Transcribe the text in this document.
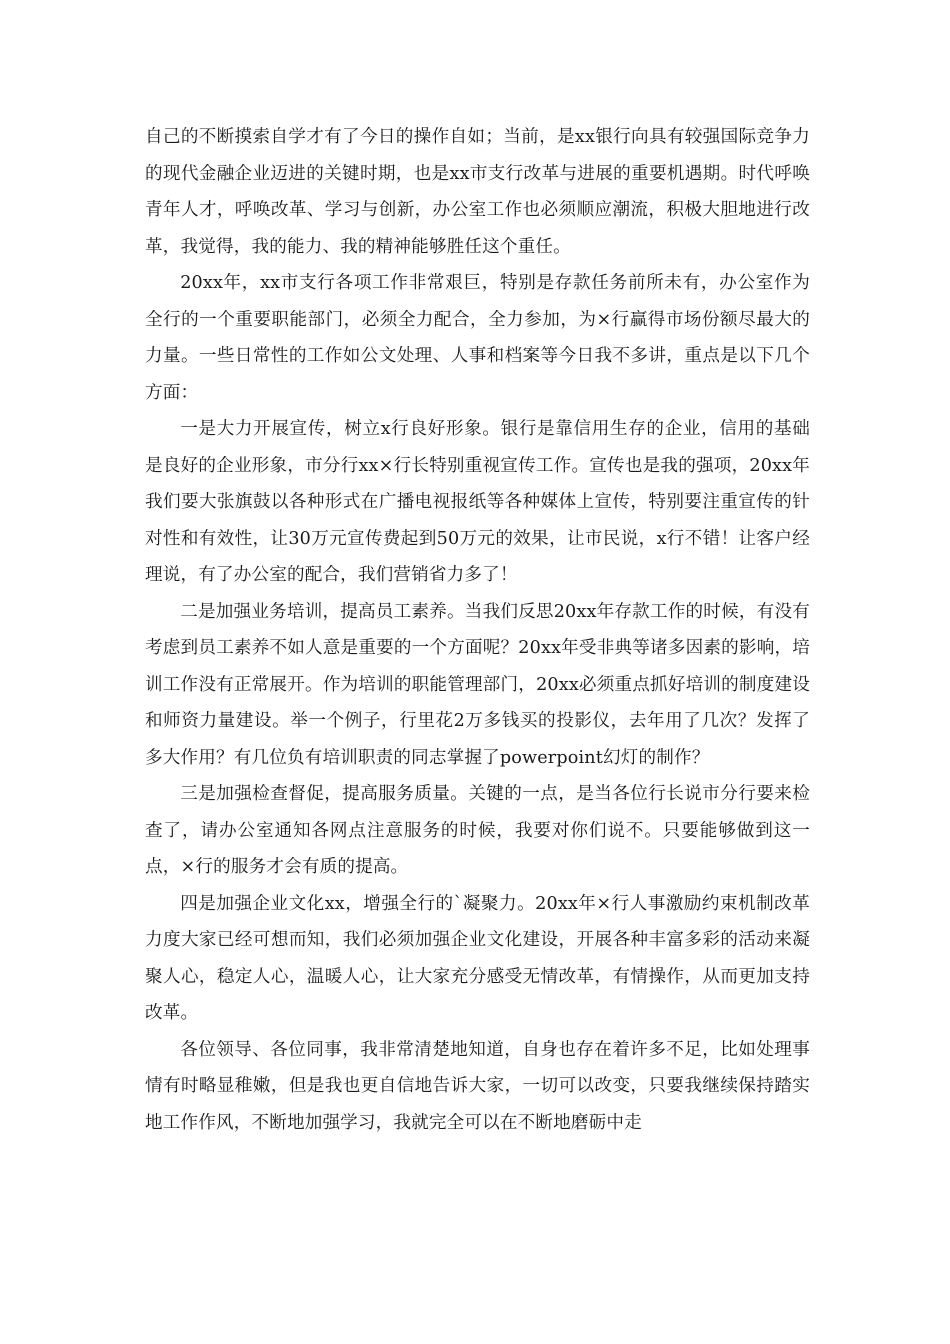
自己的不断摸索自学才有了今日的操作自如；当前，是xx银行向具有较强国际竞争力的现代金融企业迈进的关键时期，也是xx市支行改革与进展的重要机遇期。时代呼唤青年人才，呼唤改革、学习与创新，办公室工作也必须顺应潮流，积极大胆地进行改革，我觉得，我的能力、我的精神能够胜任这个重任。

20xx年，xx市支行各项工作非常艰巨，特别是存款任务前所未有，办公室作为全行的一个重要职能部门，必须全力配合，全力参加，为×行赢得市场份额尽最大的力量。一些日常性的工作如公文处理、人事和档案等今日我不多讲，重点是以下几个方面：

一是大力开展宣传，树立x行良好形象。银行是靠信用生存的企业，信用的基础是良好的企业形象，市分行xx×行长特别重视宣传工作。宣传也是我的强项，20xx年我们要大张旗鼓以各种形式在广播电视报纸等各种媒体上宣传，特别要注重宣传的针对性和有效性，让30万元宣传费起到50万元的效果，让市民说，x行不错！让客户经理说，有了办公室的配合，我们营销省力多了！

二是加强业务培训，提高员工素养。当我们反思20xx年存款工作的时候，有没有考虑到员工素养不如人意是重要的一个方面呢？20xx年受非典等诸多因素的影响，培训工作没有正常展开。作为培训的职能管理部门，20xx必须重点抓好培训的制度建设和师资力量建设。举一个例子，行里花2万多钱买的投影仪，去年用了几次？发挥了多大作用？有几位负有培训职责的同志掌握了powerpoint幻灯的制作？

三是加强检查督促，提高服务质量。关键的一点，是当各位行长说市分行要来检查了，请办公室通知各网点注意服务的时候，我要对你们说不。只要能够做到这一点，×行的服务才会有质的提高。

四是加强企业文化xx，增强全行的`凝聚力。20xx年×行人事激励约束机制改革力度大家已经可想而知，我们必须加强企业文化建设，开展各种丰富多彩的活动来凝聚人心，稳定人心，温暖人心，让大家充分感受无情改革，有情操作，从而更加支持改革。

各位领导、各位同事，我非常清楚地知道，自身也存在着许多不足，比如处理事情有时略显稚嫩，但是我也更自信地告诉大家，一切可以改变，只要我继续保持踏实地工作作风，不断地加强学习，我就完全可以在不断地磨砺中走
